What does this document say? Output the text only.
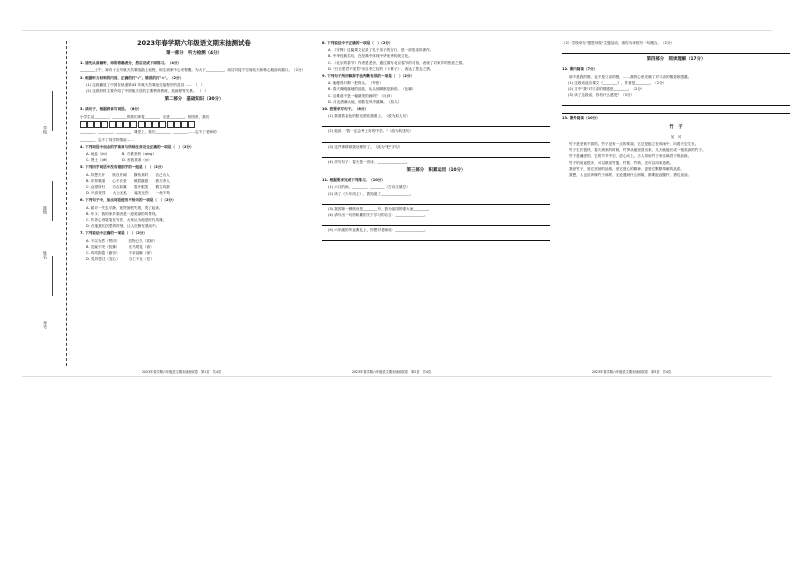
学校
班级
姓名
考号
2023年春学期六年级语文期末抽测试卷
第一部分　听力检测（4分）
1. 请先认真倾听，再所将确者分，然后完成下面练习。（4分）
________上午，神舟十五号航天员乘组踏上返程，和生到家中心安程搬。为大下__________，成功对接于空间站天和核心舱前向端口。（2分）
2. 根据听力材料的内容，正确的打"√"，错误的打"×"。（2分）
(1) 这段播放了中国在轨道第43 年航天员乘组交接程序的及其 …… （　）
(2) 这段材料主要介绍了中国航天员的主要教育教练，见画程等关系。 （　）
第二部分　基础知识（30分）
3. 读句子，根据拼音写词语。（8分）
小学生活________，________的我们即将________，走进________。校园里，我们

________，________，________，课堂上，我们________，________……忘不了老师的
________，忘不了同学的情谊……
4. 下列词语中加点的字读音与所给注音完全正确的一项是（　）（2分）
A. 闲怠（jiù）　　　　B. 方豪坚析（qíng）
C. 贤士（jiē）　　　　D. 舍我其谁（yì）
5. 下列四字词语中没有错别字的一组是（　）（2分）
A. 异想天开　　恢自开阔　　静待其时　　告己为人
B. 东背乘道　　心不长爱　　贼眉鼠眼　　借刀杀人
C. 众望所归　　巧舌如簧　　眉开眼笑　　鹤立鸡群
D. 兴高采烈　　大公无私　　毫发无伤　　一丝不苟
6. 下列句子中，加点词语使用不恰当的一项是（　）（2分）
A. 面对一失去平静，竟然惊慌失措，哭了起来。
B. 年少，我的家乡原因是一道美丽的风景线。
C. 作者心得笔笔在写作，大家认为他是时代英雄。
D. 在他我们沉思的时刻，让人沉醉在感动中。
7. 下列说法中正确的一项是（　）（2分）
A. 不以为然（赞同）　　　恋物已久（赏析）
B. 迟疑不决（犹豫）　　　走马观花（看）
C. 鸡鸣狗盗（偷窃）　　　不求甚解（深）
D. 见异思迁（变心）　　　当仁不让（任）
8. 下列说法中不正确的一项是（　）（2分）
A. 《守株》这篇课文记录了孔子弟子的言行，是一部语录体著作。
B. 中华经典名句，在经典中体现中华优秀传统文化。
C. 《北京的春节》作者是老舍，通过描写北京春节的习俗，表现了对家乡的热爱之情。
D. "日日思君不见君"出自李之仪的《卜算子》，表达了思念之情。
9. 下列句子所用修辞手法判断有误的一项是（　）（2分）
A. 他瘦得只剩一把骨头。（夸张）
B. 春天像刚落地的娃娃，从头到脚都是新的。（比喻）
C. 这难道不是一幅最美的画吗？（反问）
D. 月光洒满大地，树影在风中跳舞。（拟人）
10. 按要求写句子。（8分）
(1) 我看着金色的阳光洒在湖面上。（改为拟人句）
(2) 他说："我一定会考上好的中学。"（改为转述句）
(3) 这件事情被我处理好了。（改为"把"字句）
(4) 仿写句子：春天是一首诗，________________。
第三部分　积累运用（10分）
11. 根据要求完成下列练习。（10分）
(1) 六月的雨，________，________（古诗文填空）
(2) 读了《少年闰土》，我知道了________________。
(3) 我国第一艘航母是________号，我为祖国的强大而________。
(4) 请写出一句你积累的关于学习的名言：________________。
(5) 六年级的毕业典礼上，你想对老师说：________________。
（2）学校举办"感恩母校"主题活动，请你为母校写一句赠言。（2分）
第四部分　阅读理解（17分）
12. 课内阅读（7分）

那不是我的错，也不是父亲的错，……我的心里充满了对父亲的敬爱和感激。

(1) 这段话选自课文《________》，作者是________。（2分）
(2) 文中"我"对父亲的情感是________。（2分）
(3) 读了这段话，你有什么感受？（3分）
13. 课外阅读（10分）
竹　子
吴　可

竹子是坚韧不拔的。竹子没有一点的柔弱，它总是挺立在风雨中，向着天空生长。

竹子生长很快，春天到来的时候，竹笋从地里冒出来，几天就能长成一根高高的竹子。

竹子是谦虚的，它的节节中空，虚心向上。古人常用竹子来比喻君子的品格。

竹子的用途很多，可以做成竹篮、竹筐、竹椅，还可以用来造纸。

我爱竹子，爱它坚韧的品格，爱它虚心的精神，更爱它默默奉献的品质。

我想，人也应该像竹子那样，无论遇到什么困难，都要挺直腰杆，勇往直前。

2023年春学期六年级语文期末抽测试卷　第1页　共4页	2023年春学期六年级语文期末抽测试卷　第2页　共4页	2023年春学期六年级语文期末抽测试卷　第3页　共4页
